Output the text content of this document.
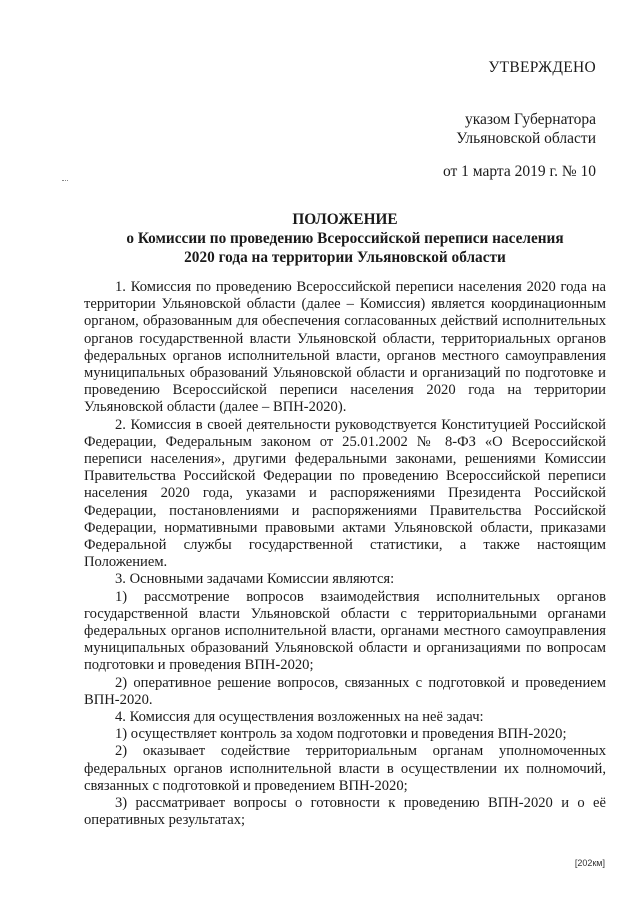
УТВЕРЖДЕНО
указом Губернатора
Ульяновской области
от 1 марта 2019 г. № 10
ПОЛОЖЕНИЕ
о Комиссии по проведению Всероссийской переписи населения
2020 года на территории Ульяновской области

1. Комиссия по проведению Всероссийской переписи населения 2020 года на территории Ульяновской области (далее – Комиссия) является координационным органом, образованным для обеспечения согласованных действий исполнительных органов государственной власти Ульяновской области, территориальных органов федеральных органов исполнительной власти, органов местного самоуправления муниципальных образований Ульяновской области и организаций по подготовке и проведению Всероссийской переписи населения 2020 года на территории Ульяновской области (далее – ВПН-2020).

2. Комиссия в своей деятельности руководствуется Конституцией Российской Федерации, Федеральным законом от 25.01.2002 № 8-ФЗ «О Всероссийской переписи населения», другими федеральными законами, решениями Комиссии Правительства Российской Федерации по проведению Всероссийской переписи населения 2020 года, указами и распоряжениями Президента Российской Федерации, постановлениями и распоряжениями Правительства Российской Федерации, нормативными правовыми актами Ульяновской области, приказами Федеральной службы государственной статистики, а также настоящим Положением.

3. Основными задачами Комиссии являются:

1) рассмотрение вопросов взаимодействия исполнительных органов государственной власти Ульяновской области с территориальными органами федеральных органов исполнительной власти, органами местного самоуправления муниципальных образований Ульяновской области и организациями по вопросам подготовки и проведения ВПН-2020;

2) оперативное решение вопросов, связанных с подготовкой и проведением ВПН-2020.

4. Комиссия для осуществления возложенных на неё задач:

1) осуществляет контроль за ходом подготовки и проведения ВПН-2020;

2) оказывает содействие территориальным органам уполномоченных федеральных органов исполнительной власти в осуществлении их полномочий, связанных с подготовкой и проведением ВПН-2020;

3) рассматривает вопросы о готовности к проведению ВПН-2020 и о её оперативных результатах;

[202км]
